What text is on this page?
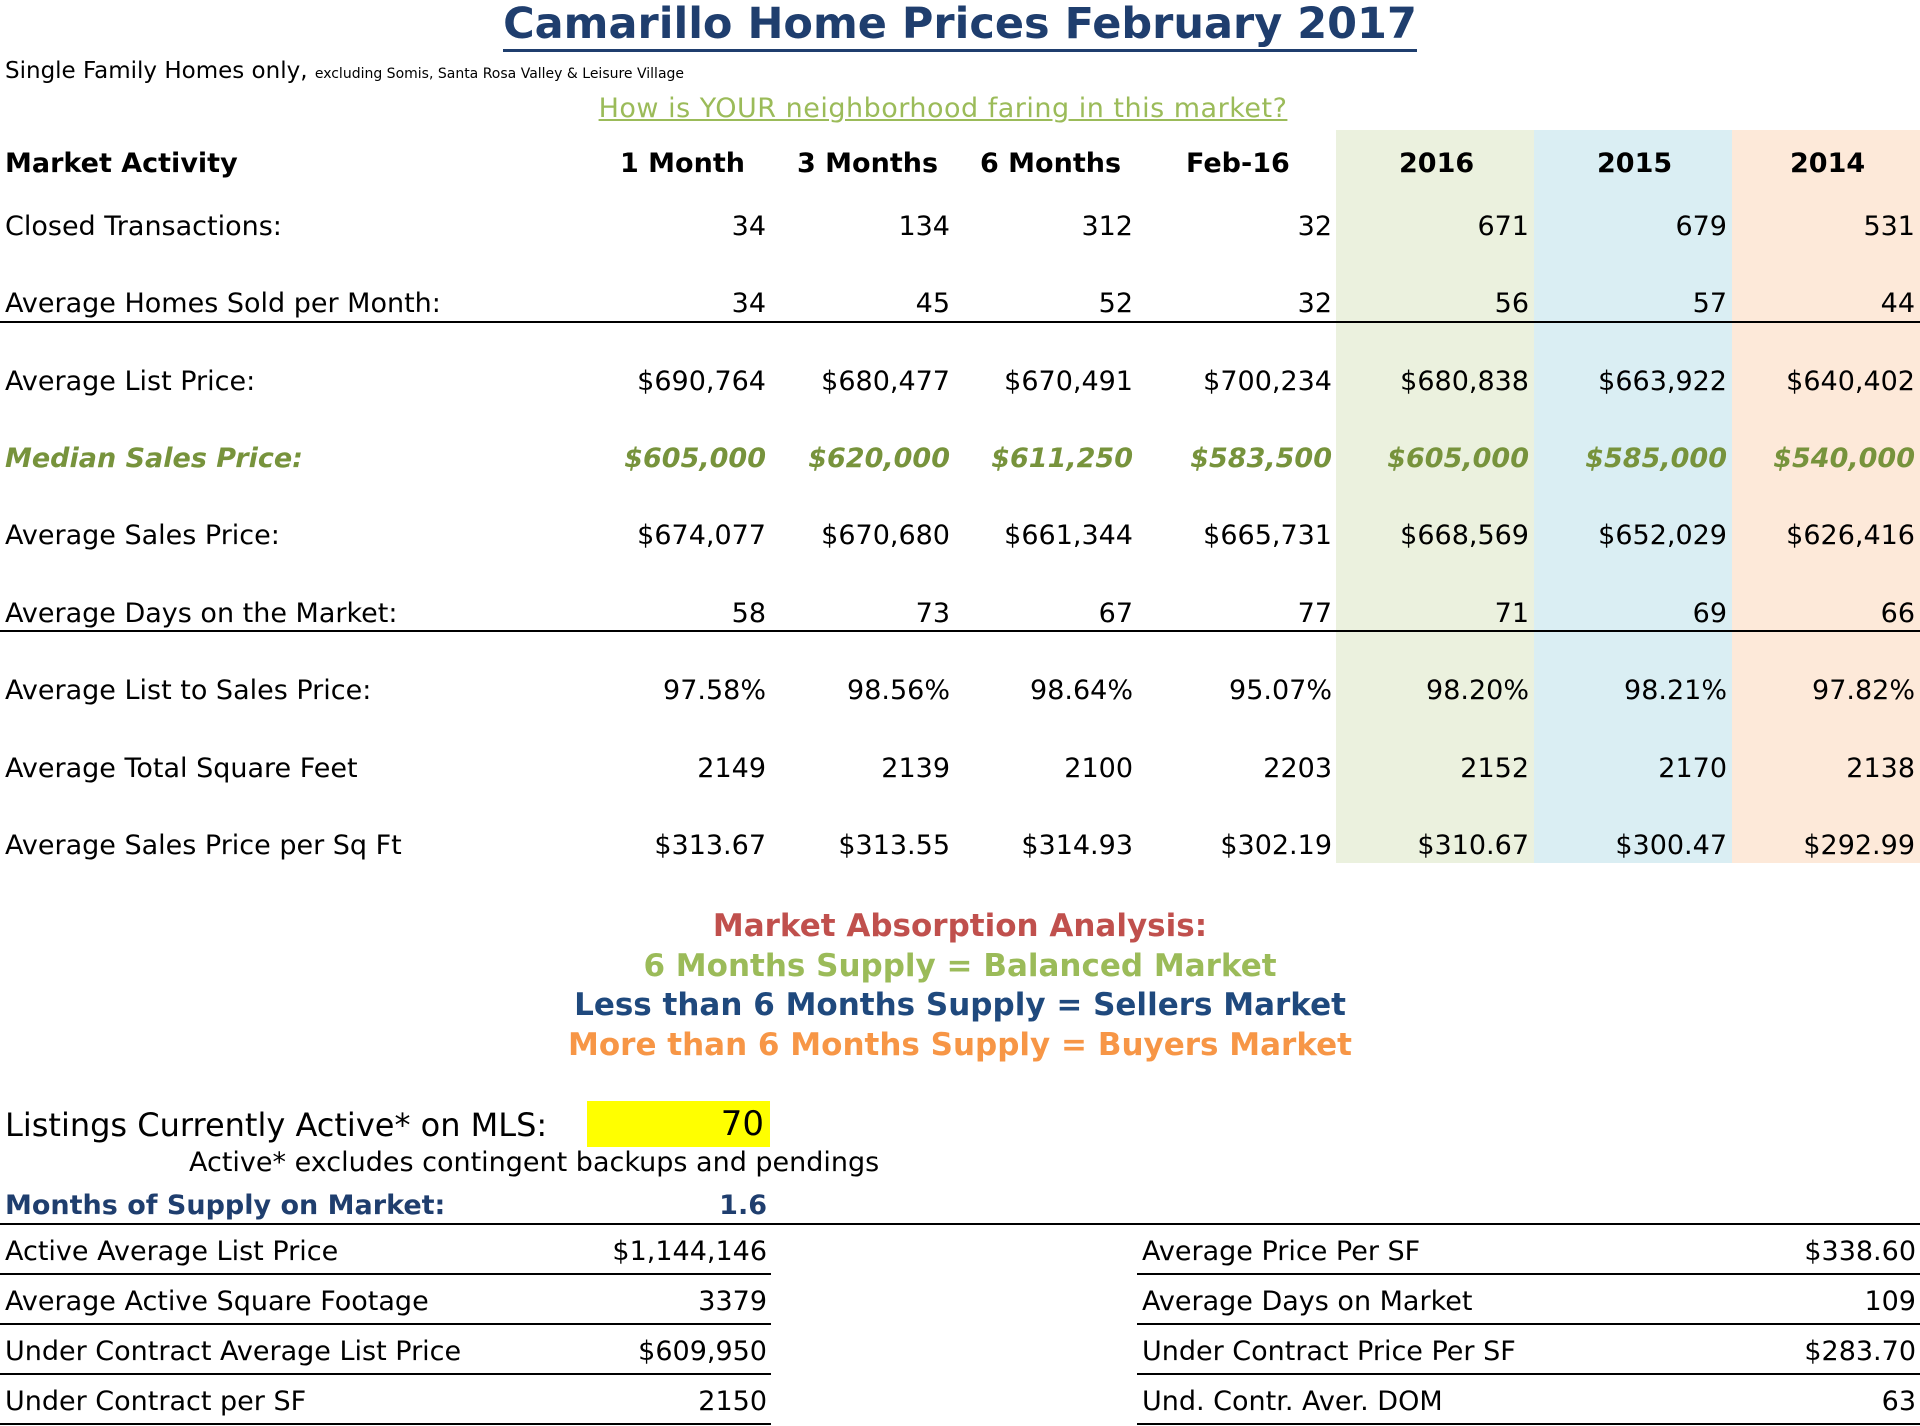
Camarillo Home Prices February 2017
Single Family Homes only, excluding Somis, Santa Rosa Valley & Leisure Village
How is YOUR neighborhood faring in this market?
Market Activity	1 Month 3 Months 6 Months Feb-16	2016	2015	2014
Closed Transactions:	34	134	312	32	671	679	531
Average Homes Sold per Month:	34	45	52	32	56	57	44
Average List Price:	$690,764 $680,477 $670,491	$700,234	$680,838	$663,922 $640,402
Median Sales Price:	$605,000 $620,000 $611,250 $583,500 $605,000 $585,000 $540,000
Average Sales Price:	$674,077 $670,680 $661,344	$665,731	$668,569	$652,029 $626,416
Average Days on the Market:	58	73	67	77	71	69	66
Average List to Sales Price:	97.58%	98.56%	98.64%	95.07%	98.20%	98.21%	97.82%
Average Total Square Feet	2149	2139	2100	2203	2152	2170	2138
Average Sales Price per Sq Ft	$313.67	$313.55	$314.93	$302.19	$310.67	$300.47	$292.99
Market Absorption Analysis:
6 Months Supply = Balanced Market
Less than 6 Months Supply = Sellers Market
More than 6 Months Supply = Buyers Market
Listings Currently Active* on MLS:	70
Active* excludes contingent backups and pendings
Months of Supply on Market:	1.6
Active Average List Price	$1,144,146
Average Active Square Footage	3379
Under Contract Average List Price	$609,950
Under Contract per SF	2150
Average Price Per SF	$338.60
Average Days on Market	109
Under Contract Price Per SF	$283.70
Und. Contr. Aver. DOM	63
